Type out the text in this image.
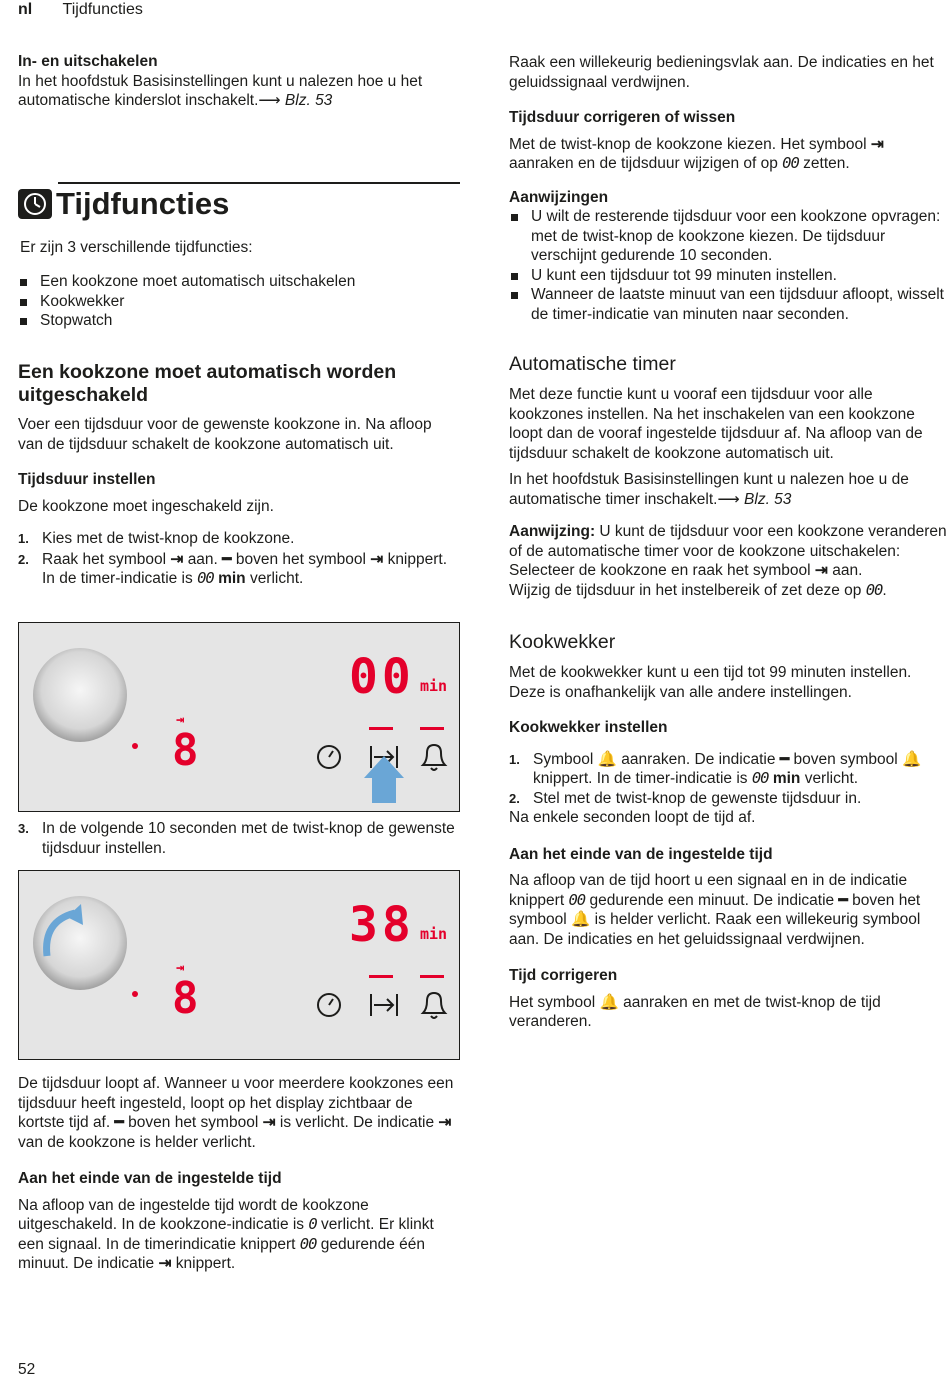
nl Tijdfuncties

In- en uitschakelen

In het hoofdstuk Basisinstellingen kunt u nalezen hoe u het automatische kinderslot inschakelt.⟶ Blz. 53

Tijdfuncties

Er zijn 3 verschillende tijdfuncties:

Een kookzone moet automatisch uitschakelen
Kookwekker
Stopwatch

Een kookzone moet automatisch worden uitgeschakeld

Voer een tijdsduur voor de gewenste kookzone in. Na afloop van de tijdsduur schakelt de kookzone automatisch uit.

Tijdsduur instellen

De kookzone moet ingeschakeld zijn.

1. Kies met de twist-knop de kookzone.
2. Raak het symbool ⇥ aan. ━ boven het symbool ⇥ knippert. In de timer-indicatie is 00 min verlicht.
⇥
8
00 min
3. In de volgende 10 seconden met de twist-knop de gewenste tijdsduur instellen.
⇥
8
38 min

De tijdsduur loopt af. Wanneer u voor meerdere kookzones een tijdsduur heeft ingesteld, loopt op het display zichtbaar de kortste tijd af. ━ boven het symbool ⇥ is verlicht. De indicatie ⇥ van de kookzone is helder verlicht.

Aan het einde van de ingestelde tijd

Na afloop van de ingestelde tijd wordt de kookzone uitgeschakeld. In de kookzone-indicatie is 0 verlicht. Er klinkt een signaal. In de timerindicatie knippert 00 gedurende één minuut. De indicatie ⇥ knippert.

52

Raak een willekeurig bedieningsvlak aan. De indicaties en het geluidssignaal verdwijnen.

Tijdsduur corrigeren of wissen

Met de twist-knop de kookzone kiezen. Het symbool ⇥ aanraken en de tijdsduur wijzigen of op 00 zetten.

Aanwijzingen

U wilt de resterende tijdsduur voor een kookzone opvragen: met de twist-knop de kookzone kiezen. De tijdsduur verschijnt gedurende 10 seconden.
U kunt een tijdsduur tot 99 minuten instellen.
Wanneer de laatste minuut van een tijdsduur afloopt, wisselt de timer-indicatie van minuten naar seconden.

Automatische timer

Met deze functie kunt u vooraf een tijdsduur voor alle kookzones instellen. Na het inschakelen van een kookzone loopt dan de vooraf ingestelde tijdsduur af. Na afloop van de tijdsduur schakelt de kookzone automatisch uit.

In het hoofdstuk Basisinstellingen kunt u nalezen hoe u de automatische timer inschakelt.⟶ Blz. 53

Aanwijzing: U kunt de tijdsduur voor een kookzone veranderen of de automatische timer voor de kookzone uitschakelen:
Selecteer de kookzone en raak het symbool ⇥ aan.
Wijzig de tijdsduur in het instelbereik of zet deze op 00.

Kookwekker

Met de kookwekker kunt u een tijd tot 99 minuten instellen. Deze is onafhankelijk van alle andere instellingen.

Kookwekker instellen

1. Symbool 🔔 aanraken. De indicatie ━ boven symbool 🔔 knippert. In de timer-indicatie is 00 min verlicht.
2. Stel met de twist-knop de gewenste tijdsduur in.

Na enkele seconden loopt de tijd af.

Aan het einde van de ingestelde tijd

Na afloop van de tijd hoort u een signaal en in de indicatie knippert 00 gedurende een minuut. De indicatie ━ boven het symbool 🔔 is helder verlicht. Raak een willekeurig symbool aan. De indicaties en het geluidssignaal verdwijnen.

Tijd corrigeren

Het symbool 🔔 aanraken en met de twist-knop de tijd veranderen.
